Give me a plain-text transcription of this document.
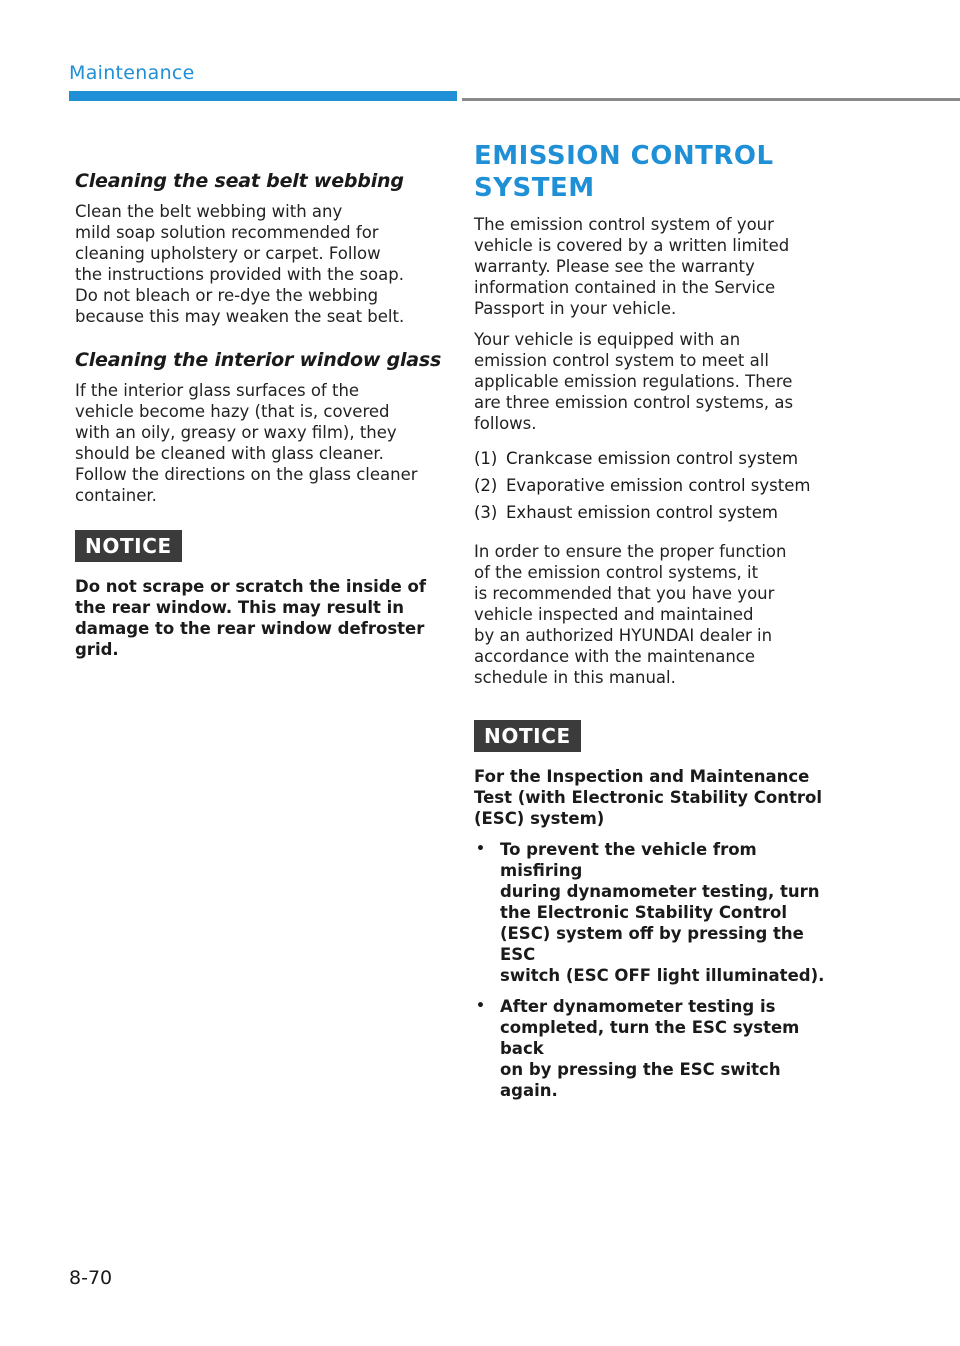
Maintenance
Cleaning the seat belt webbing

Clean the belt webbing with any
mild soap solution recommended for
cleaning upholstery or carpet. Follow
the instructions provided with the soap.
Do not bleach or re-dye the webbing
because this may weaken the seat belt.

Cleaning the interior window glass

If the interior glass surfaces of the
vehicle become hazy (that is, covered
with an oily, greasy or waxy film), they
should be cleaned with glass cleaner.
Follow the directions on the glass cleaner
container.

NOTICE

Do not scrape or scratch the inside of
the rear window. This may result in
damage to the rear window defroster
grid.

EMISSION CONTROL
SYSTEM

The emission control system of your
vehicle is covered by a written limited
warranty. Please see the warranty
information contained in the Service
Passport in your vehicle.

Your vehicle is equipped with an
emission control system to meet all
applicable emission regulations. There
are three emission control systems, as
follows.

(1) Crankcase emission control system
(2) Evaporative emission control system
(3) Exhaust emission control system

In order to ensure the proper function
of the emission control systems, it
is recommended that you have your
vehicle inspected and maintained
by an authorized HYUNDAI dealer in
accordance with the maintenance
schedule in this manual.

NOTICE

For the Inspection and Maintenance
Test (with Electronic Stability Control
(ESC) system)

• To prevent the vehicle from misfiring
during dynamometer testing, turn
the Electronic Stability Control
(ESC) system off by pressing the ESC
switch (ESC OFF light illuminated).
• After dynamometer testing is
completed, turn the ESC system back
on by pressing the ESC switch again.
8-70
